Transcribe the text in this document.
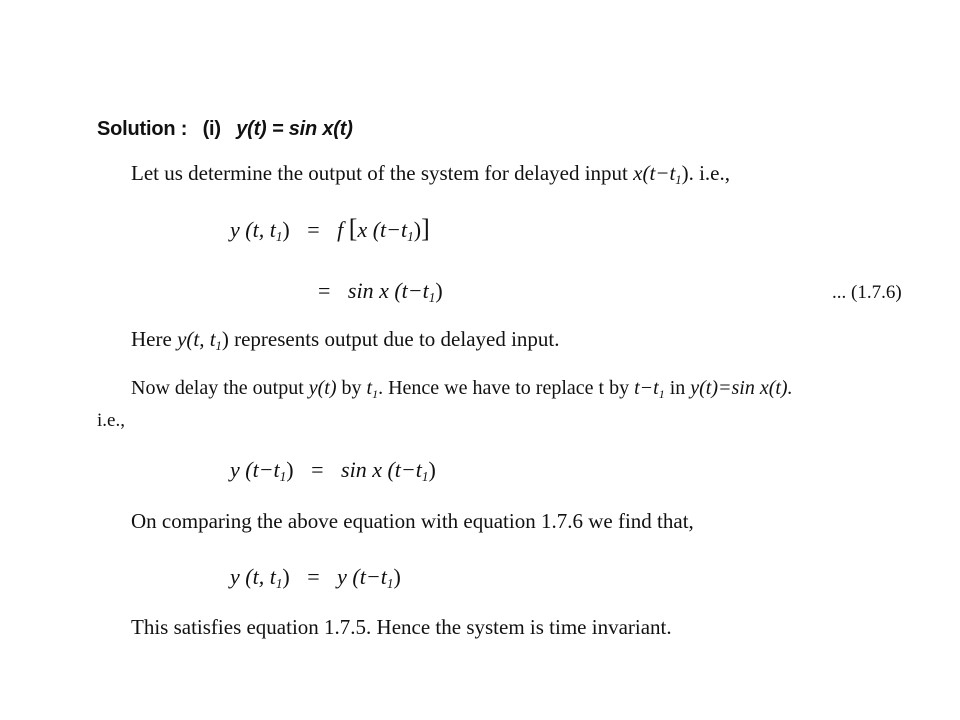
Solution : (i) y(t) = sin x(t)
Let us determine the output of the system for delayed input $x(t-t_1)$. i.e.,
y (t, $t_1) = f$ [x $(t-t_1)$]
= sin x $(t-t_1)$	... (1.7.6)
Here y(t, $t_1$) represents output due to delayed input.
Now delay the output y(t) by $t_1$. Hence we have to replace t by $t-t_1$ in y(t)=sin x(t).
i.e.,
y $(t-t_1) = \sin x$ $(t-t_1)$
On comparing the above equation with equation 1.7.6 we find that,
y (t, $t_1) = y$ $(t-t_1)$
This satisfies equation 1.7.5. Hence the system is time invariant.
